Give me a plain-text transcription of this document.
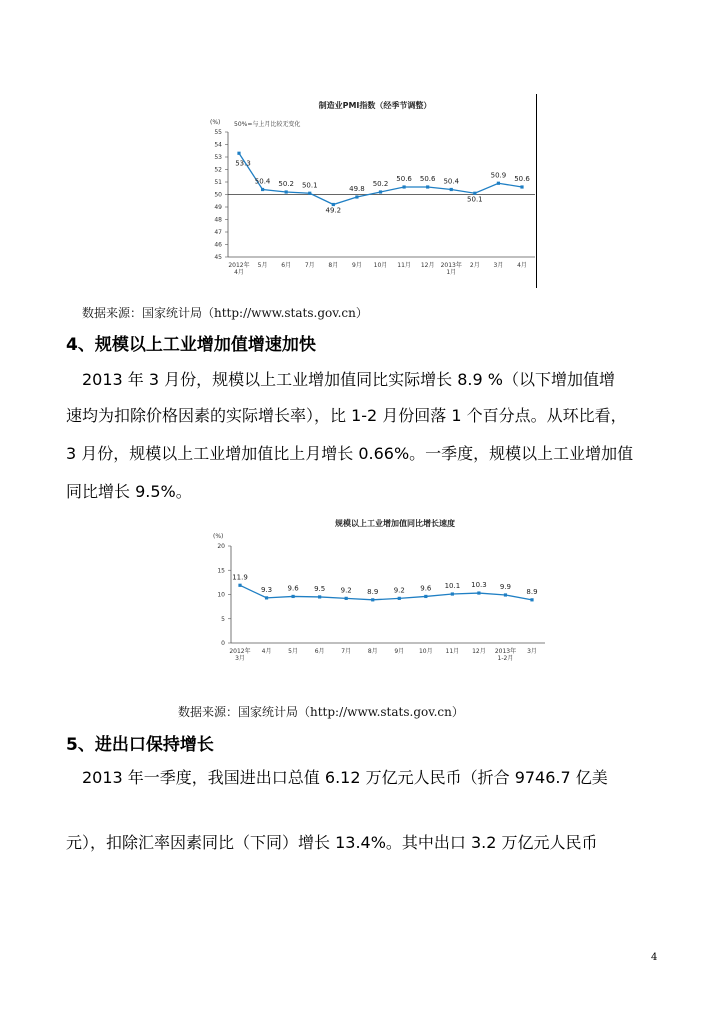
制造业PMI指数（经季节调整）
(%) 50%=与上月比较无变化
45
46
47
48
49
50
51
52
53
54
55
2012年
4月
5月 6月 7月 8月 9月 10月 11月 12月 2013年
1月
2月 3月 4月
53.3
50.4 50.2 50.1
49.2
49.8
50.2
50.6 50.6 50.4
50.1
50.9 50.6
数据来源：国家统计局（http://www.stats.gov.cn）
4、规模以上工业增加值增速加快
　2013 年 3 月份，规模以上工业增加值同比实际增长 8.9 %（以下增加值增
速均为扣除价格因素的实际增长率），比 1-2 月份回落 1 个百分点。从环比看，
3 月份，规模以上工业增加值比上月增长 0.66%。一季度，规模以上工业增加值
同比增长 9.5%。
规模以上工业增加值同比增长速度
(%)
0
5
10
15
20
2012年
3月
4月	5月	6月	7月	8月	9月 10月 11月 12月 2013年
1-2月
3月
11.9
9.3 9.6 9.5 9.2 8.9 9.2 9.6 10.1 10.3 9.9
8.9
数据来源：国家统计局（http://www.stats.gov.cn）
5、进出口保持增长
　2013 年一季度，我国进出口总值 6.12 万亿元人民币（折合 9746.7 亿美
元），扣除汇率因素同比（下同）增长 13.4%。其中出口 3.2 万亿元人民币
4
